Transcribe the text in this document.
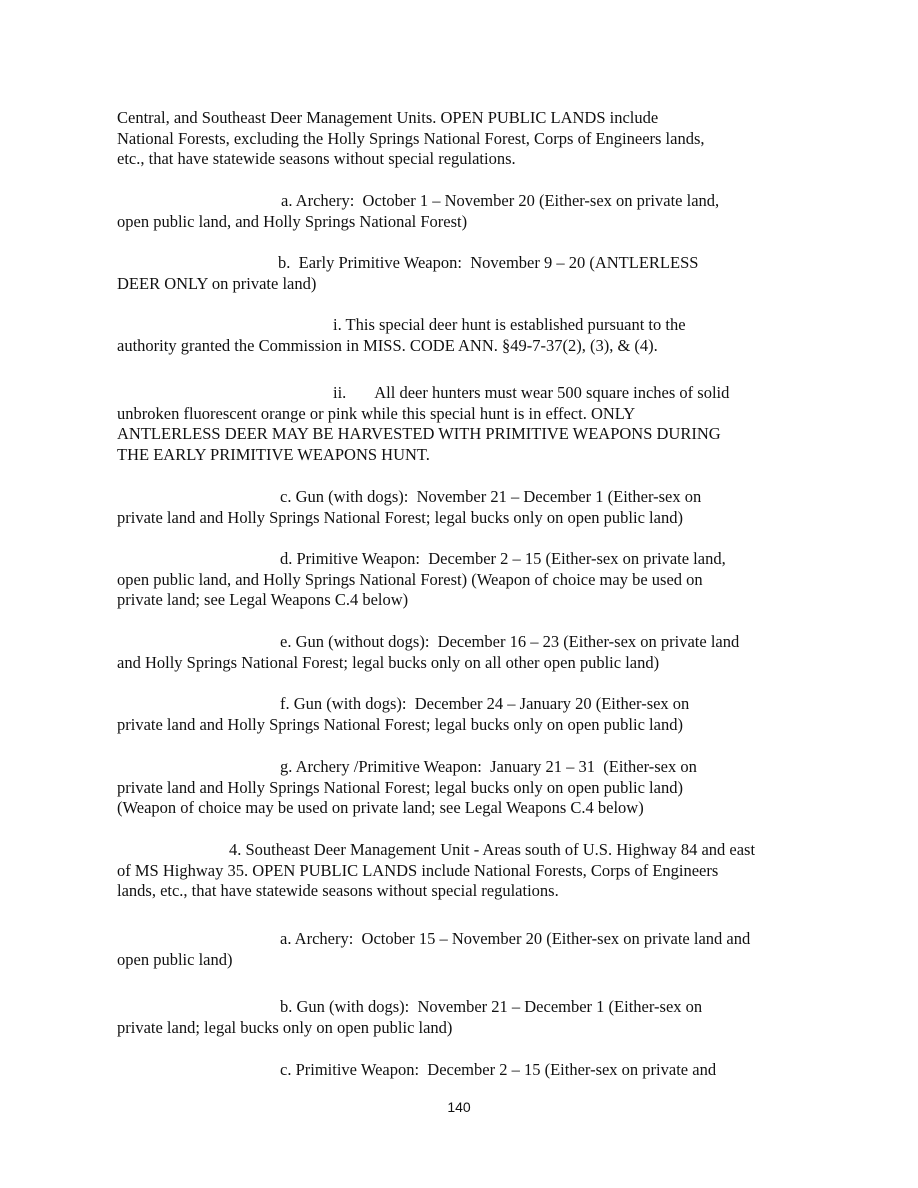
Central, and Southeast Deer Management Units. OPEN PUBLIC LANDS include
National Forests, excluding the Holly Springs National Forest, Corps of Engineers lands,
etc., that have statewide seasons without special regulations.
a. Archery:  October 1 – November 20 (Either-sex on private land,
open public land, and Holly Springs National Forest)
b.  Early Primitive Weapon:  November 9 – 20 (ANTLERLESS
DEER ONLY on private land)
i. This special deer hunt is established pursuant to the
authority granted the Commission in MISS. CODE ANN. §49-7-37(2), (3), & (4).
ii.       All deer hunters must wear 500 square inches of solid
unbroken fluorescent orange or pink while this special hunt is in effect. ONLY
ANTLERLESS DEER MAY BE HARVESTED WITH PRIMITIVE WEAPONS DURING
THE EARLY PRIMITIVE WEAPONS HUNT.
c. Gun (with dogs):  November 21 – December 1 (Either-sex on
private land and Holly Springs National Forest; legal bucks only on open public land)
d. Primitive Weapon:  December 2 – 15 (Either-sex on private land,
open public land, and Holly Springs National Forest) (Weapon of choice may be used on
private land; see Legal Weapons C.4 below)
e. Gun (without dogs):  December 16 – 23 (Either-sex on private land
and Holly Springs National Forest; legal bucks only on all other open public land)
f. Gun (with dogs):  December 24 – January 20 (Either-sex on
private land and Holly Springs National Forest; legal bucks only on open public land)
g. Archery /Primitive Weapon:  January 21 – 31  (Either-sex on
private land and Holly Springs National Forest; legal bucks only on open public land)
(Weapon of choice may be used on private land; see Legal Weapons C.4 below)
4. Southeast Deer Management Unit - Areas south of U.S. Highway 84 and east
of MS Highway 35. OPEN PUBLIC LANDS include National Forests, Corps of Engineers
lands, etc., that have statewide seasons without special regulations.
a. Archery:  October 15 – November 20 (Either-sex on private land and
open public land)
b. Gun (with dogs):  November 21 – December 1 (Either-sex on
private land; legal bucks only on open public land)
c. Primitive Weapon:  December 2 – 15 (Either-sex on private and
140
